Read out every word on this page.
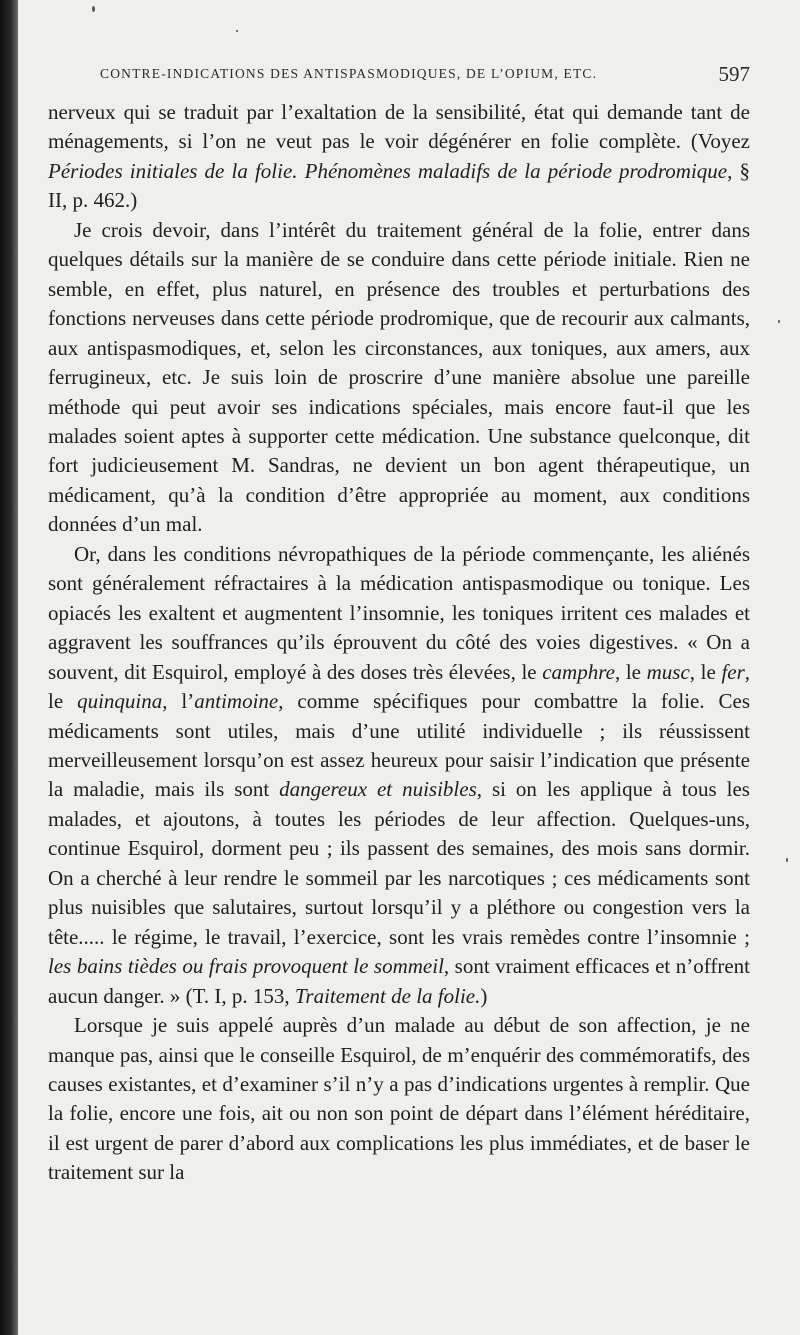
CONTRE-INDICATIONS DES ANTISPASMODIQUES, DE L’OPIUM, ETC.	597

nerveux qui se traduit par l’exaltation de la sensibilité, état qui demande tant de ménagements, si l’on ne veut pas le voir dégénérer en folie complète. (Voyez Périodes initiales de la folie. Phénomènes maladifs de la période prodromique, § II, p. 462.)

Je crois devoir, dans l’intérêt du traitement général de la folie, entrer dans quelques détails sur la manière de se conduire dans cette période initiale. Rien ne semble, en effet, plus naturel, en présence des troubles et perturbations des fonctions nerveuses dans cette période prodromique, que de recourir aux calmants, aux antispasmodiques, et, selon les circonstances, aux toniques, aux amers, aux ferrugineux, etc. Je suis loin de proscrire d’une manière absolue une pareille méthode qui peut avoir ses indications spéciales, mais encore faut-il que les malades soient aptes à supporter cette médication. Une substance quelconque, dit fort judicieusement M. Sandras, ne devient un bon agent thérapeutique, un médicament, qu’à la condition d’être appropriée au moment, aux conditions données d’un mal.

Or, dans les conditions névropathiques de la période commençante, les aliénés sont généralement réfractaires à la médication antispasmodique ou tonique. Les opiacés les exaltent et augmentent l’insomnie, les toniques irritent ces malades et aggravent les souffrances qu’ils éprouvent du côté des voies digestives. « On a souvent, dit Esquirol, employé à des doses très élevées, le camphre, le musc, le fer, le quinquina, l’antimoine, comme spécifiques pour combattre la folie. Ces médicaments sont utiles, mais d’une utilité individuelle ; ils réussissent merveilleusement lorsqu’on est assez heureux pour saisir l’indication que présente la maladie, mais ils sont dangereux et nuisibles, si on les applique à tous les malades, et ajoutons, à toutes les périodes de leur affection. Quelques-uns, continue Esquirol, dorment peu ; ils passent des semaines, des mois sans dormir. On a cherché à leur rendre le sommeil par les narcotiques ; ces médicaments sont plus nuisibles que salutaires, surtout lorsqu’il y a pléthore ou congestion vers la tête..... le régime, le travail, l’exercice, sont les vrais remèdes contre l’insomnie ; les bains tièdes ou frais provoquent le sommeil, sont vraiment efficaces et n’offrent aucun danger. » (T. I, p. 153, Traitement de la folie.)

Lorsque je suis appelé auprès d’un malade au début de son affection, je ne manque pas, ainsi que le conseille Esquirol, de m’enquérir des commémoratifs, des causes existantes, et d’examiner s’il n’y a pas d’indications urgentes à remplir. Que la folie, encore une fois, ait ou non son point de départ dans l’élément héréditaire, il est urgent de parer d’abord aux complications les plus immédiates, et de baser le traitement sur la
